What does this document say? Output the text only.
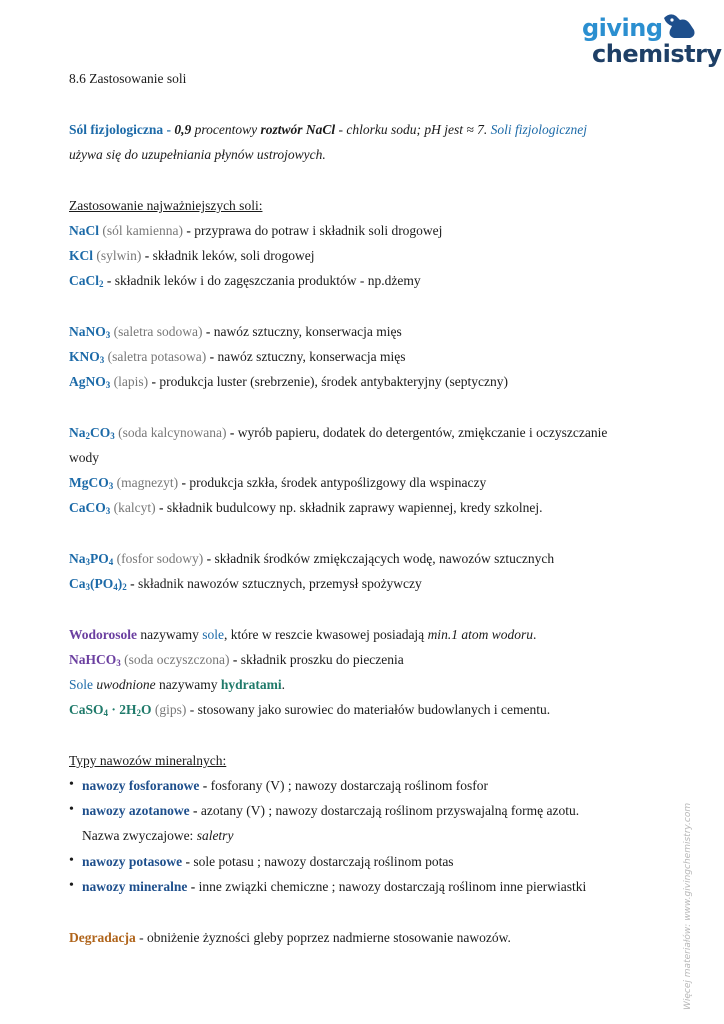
giving
chemistry
8.6 Zastosowanie soli
Sól fizjologiczna - 0,9 procentowy roztwór NaCl - chlorku sodu; pH jest ≈ 7. Soli fizjologicznej
używa się do uzupełniania płynów ustrojowych.
Zastosowanie najważniejszych soli:
NaCl (sól kamienna) - przyprawa do potraw i składnik soli drogowej
KCl (sylwin) - składnik leków, soli drogowej
CaCl$_2$ - składnik leków i do zagęszczania produktów - np.dżemy
NaNO$_3$ (saletra sodowa) - nawóz sztuczny, konserwacja mięs
$KNO_3$ (saletra potasowa) - nawóz sztuczny, konserwacja mięs
AgNO$_3$ (lapis) - produkcja luster (srebrzenie), środek antybakteryjny (septyczny)
$Na_2CO_3$ (soda kalcynowana) - wyrób papieru, dodatek do detergentów, zmiękczanie i oczyszczanie
wody
MgCO$_3$ (magnezyt) - produkcja szkła, środek antypoślizgowy dla wspinaczy
CaCO$_3$ (kalcyt) - składnik budulcowy np. składnik zaprawy wapiennej, kredy szkolnej.
$Na_3PO_4$ (fosfor sodowy) - składnik środków zmiękczających wodę, nawozów sztucznych
$Ca_3(PO_4)_2$ - składnik nawozów sztucznych, przemysł spożywczy
Wodorosole nazywamy sole, które w reszcie kwasowej posiadają min.1 atom wodoru.
NaHCO$_3$ (soda oczyszczona) - składnik proszku do pieczenia
Sole uwodnione nazywamy hydratami.
CaSO$_4$ · $2H_2O$ (gips) - stosowany jako surowiec do materiałów budowlanych i cementu.
Typy nawozów mineralnych:
• nawozy fosforanowe - fosforany (V) ; nawozy dostarczają roślinom fosfor
• nawozy azotanowe - azotany (V) ; nawozy dostarczają roślinom przyswajalną formę azotu.
Nazwa zwyczajowe: saletry
• nawozy potasowe - sole potasu ; nawozy dostarczają roślinom potas
• nawozy mineralne - inne związki chemiczne ; nawozy dostarczają roślinom inne pierwiastki
Degradacja - obniżenie żyzności gleby poprzez nadmierne stosowanie nawozów.	Więcej materiałów: www.givingchemistry.com
